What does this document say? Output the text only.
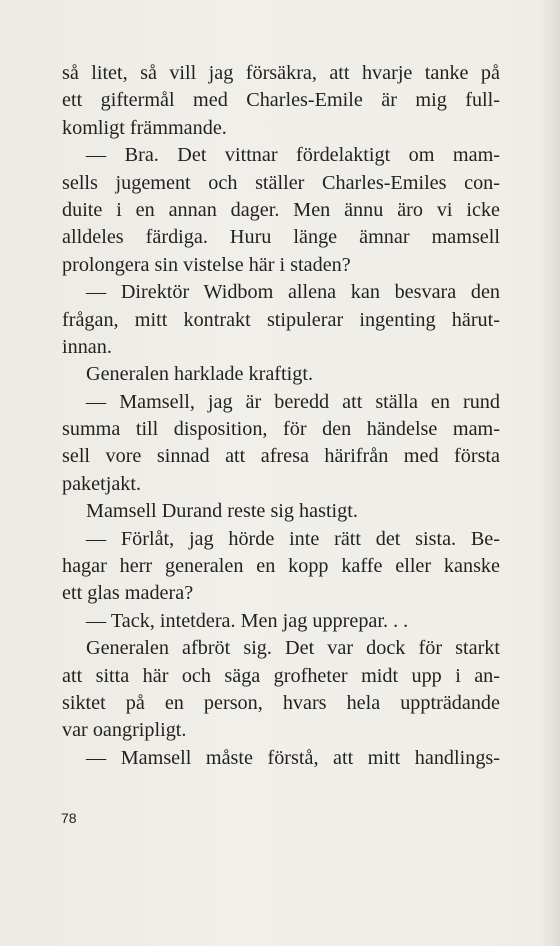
så litet, så vill jag försäkra, att hvarje tanke på
ett giftermål med Charles-Emile är mig full-
komligt främmande.
— Bra. Det vittnar fördelaktigt om mam-
sells jugement och ställer Charles-Emiles con-
duite i en annan dager. Men ännu äro vi icke
alldeles färdiga. Huru länge ämnar mamsell
prolongera sin vistelse här i staden?
— Direktör Widbom allena kan besvara den
frågan, mitt kontrakt stipulerar ingenting härut-
innan.
Generalen harklade kraftigt.
— Mamsell, jag är beredd att ställa en rund
summa till disposition, för den händelse mam-
sell vore sinnad att afresa härifrån med första
paketjakt.
Mamsell Durand reste sig hastigt.
— Förlåt, jag hörde inte rätt det sista. Be-
hagar herr generalen en kopp kaffe eller kanske
ett glas madera?
— Tack, intetdera. Men jag upprepar. . .
Generalen afbröt sig. Det var dock för starkt
att sitta här och säga grofheter midt upp i an-
siktet på en person, hvars hela uppträdande
var oangripligt.
— Mamsell måste förstå, att mitt handlings-
78
